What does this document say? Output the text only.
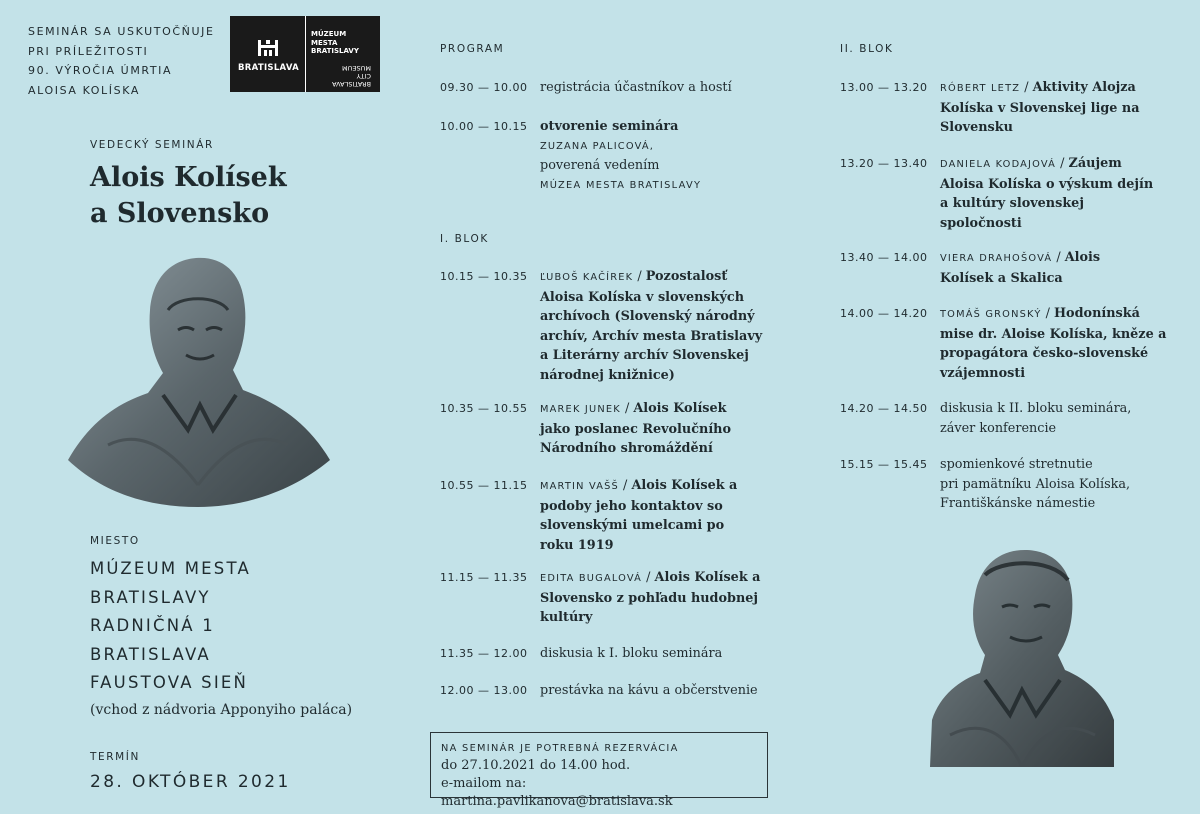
SEMINÁR SA USKUTOČŇUJE
PRI PRÍLEŽITOSTI
90. VÝROČIA ÚMRTIA
ALOISA KOLÍSKA
BRATISLAVA
MÚZEUM
MESTA
BRATISLAVY
BRATISLAVA
CITY
MUSEUM
VEDECKÝ SEMINÁR
Alois Kolísek
a Slovensko
MIESTO
MÚZEUM MESTA
BRATISLAVY
RADNIČNÁ 1
BRATISLAVA
FAUSTOVA SIEŇ
(vchod z nádvoria Apponyiho paláca)
TERMÍN
28. OKTÓBER 2021
PROGRAM
09.30 — 10.00 registrácia účastníkov a hostí
10.00 — 10.15 otvorenie seminára
ZUZANA PALICOVÁ,
poverená vedením
MÚZEA MESTA BRATISLAVY
I. BLOK
10.15 — 10.35	ĽUBOŠ KAČÍREK / Pozostalosť Aloisa Kolíska v slovenských archívoch (Slovenský národný archív, Archív mesta Bratislavy a Literárny archív Slovenskej národnej knižnice)
10.35 — 10.55	MAREK JUNEK / Alois Kolísek jako poslanec Revolučního Národního shromáždění
10.55 — 11.15	MARTIN VAŠŠ / Alois Kolísek a podoby jeho kontaktov so slovenskými umelcami po roku 1919
11.15 — 11.35	EDITA BUGALOVÁ / Alois Kolísek a Slovensko z pohľadu hudobnej kultúry
11.35 — 12.00 diskusia k I. bloku seminára
12.00 — 13.00 prestávka na kávu a občerstvenie
NA SEMINÁR JE POTREBNÁ REZERVÁCIA
do 27.10.2021 do 14.00 hod.
e-mailom na: martina.pavlikanova@bratislava.sk
II. BLOK
13.00 — 13.20	RÓBERT LETZ / Aktivity Alojza Kolíska v Slovenskej lige na Slovensku
13.20 — 13.40	DANIELA KODAJOVÁ / Záujem Aloisa Kolíska o výskum dejín a kultúry slovenskej spoločnosti
13.40 — 14.00	VIERA DRAHOŠOVÁ / Alois Kolísek a Skalica
14.00 — 14.20	TOMÁŠ GRONSKÝ / Hodonínská mise dr. Aloise Kolíska, kněze a propagátora česko-slovenské vzájemnosti
14.20 — 14.50 diskusia k II. bloku seminára,
záver konferencie
15.15 — 15.45 spomienkové stretnutie
pri pamätníku Aloisa Kolíska,
Františkánske námestie
